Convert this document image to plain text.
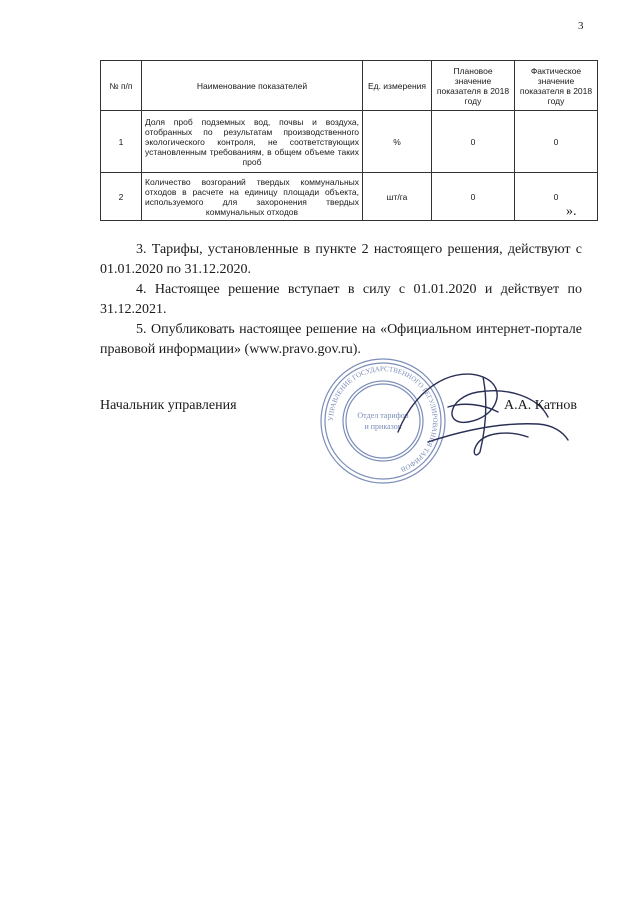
3
№ п/п	Наименование показателей	Ед. измерения	Плановое значение показателя в 2018 году	Фактическое значение показателя в 2018 году
1	Доля проб подземных вод, почвы и воздуха, отобранных по результатам производственного экологического контроля, не соответствующих установленным требованиям, в общем объеме таких проб	%	0	0
2	Количество возгораний твердых коммунальных отходов в расчете на единицу площади объекта, используемого для захоронения твердых коммунальных отходов	шт/га	0	0
».
3. Тарифы, установленные в пункте 2 настоящего решения, действуют с 01.01.2020 по 31.12.2020.
4. Настоящее решение вступает в силу с 01.01.2020 и действует по 31.12.2021.
5. Опубликовать настоящее решение на «Официальном интернет-портале правовой информации» (www.pravo.gov.ru).
Начальник управления
УПРАВЛЕНИЕ ГОСУДАРСТВЕННОГО РЕГУЛИРОВАНИЯ ТАРИФОВ
Отдел тарифов
и приказов
А.А. Катнов
